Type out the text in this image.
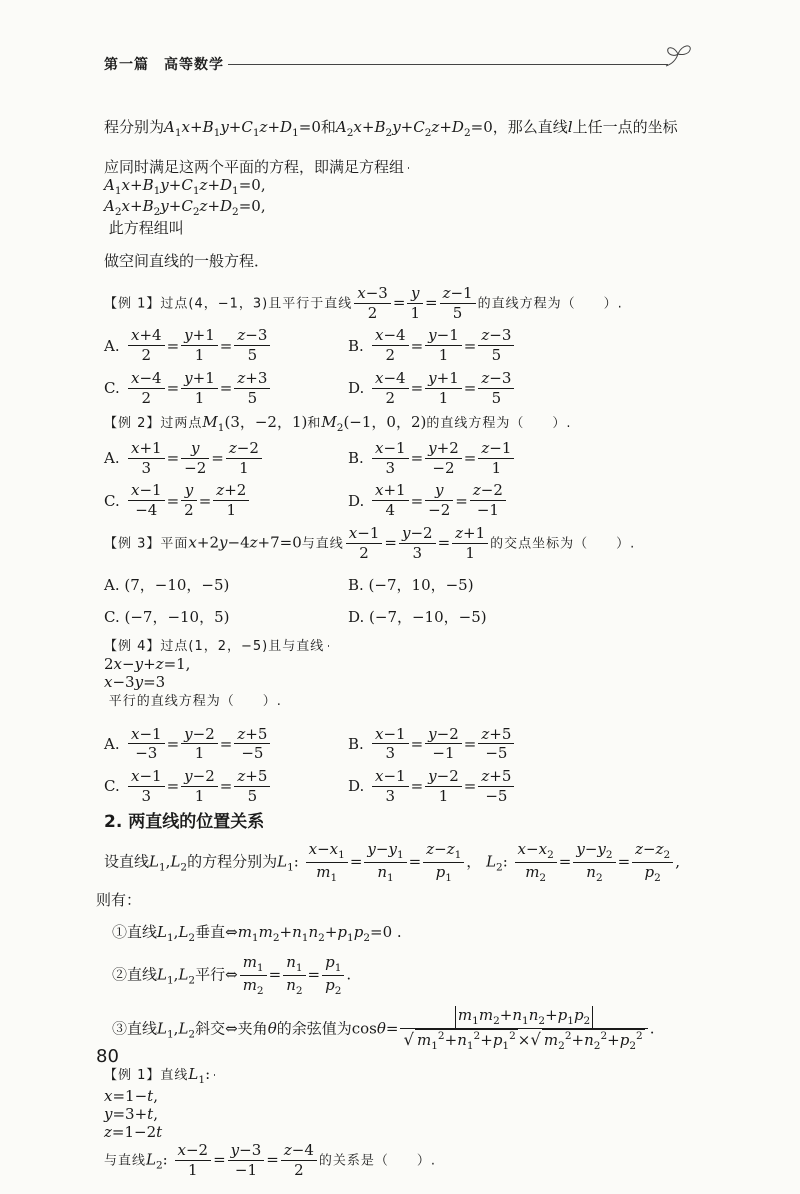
第一篇　高等数学

程分别为$A_1x+B_1y+C_1z+D_1=0$和$A_2x+B_2y+C_2z+D_2=0$，那么直线l上任一点的坐标

应同时满足这两个平面的方程，即满足方程组

$A_1x+B_1y+C_1z+D_1=0$,
$A_2x+B_2y+C_2z+D_2=0$,
此方程组叫

做空间直线的一般方程．

【例 1】过点(4，−1，3)且平行于直线 $\frac{x-3}{2} = \frac{y}{1} = \frac{z-1}{5}$ 的直线方程为（　　）.

A. $\frac{x+4}{2} = \frac{y+1}{1} = \frac{z-3}{5}$	B. $\frac{x-4}{2} = \frac{y-1}{1} = \frac{z-3}{5}$
C. $\frac{x-4}{2} = \frac{y+1}{1} = \frac{z+3}{5}$	D. $\frac{x-4}{2} = \frac{y+1}{1} = \frac{z-3}{5}$

【例 2】过两点$M_1(3$，−2，1)和$M_2(-1$，0，2)的直线方程为（　　）.

A. $\frac{x+1}{3} = \frac{y}{-2} = \frac{z-2}{1}$	B. $\frac{x-1}{3} = \frac{y+2}{-2} = \frac{z-1}{1}$
C. $\frac{x-1}{-4} = \frac{y}{2} = \frac{z+2}{1}$	D. $\frac{x+1}{4} = \frac{y}{-2} = \frac{z-2}{-1}$

【例 3】平面x+2y−4z+7=0与直线 $\frac{x-1}{2} = \frac{y-2}{3} = \frac{z+1}{1}$ 的交点坐标为（　　）.

A. (7，−10，−5)	B. (−7，10，−5)
C. (−7，−10，5)	D. (−7，−10，−5)

【例 4】过点(1，2，−5)且与直线

2x−y+z=1,
x−3y=3
平行的直线方程为（　　）.

A. $\frac{x-1}{-3} = \frac{y-2}{1} = \frac{z+5}{-5}$	B. $\frac{x-1}{3} = \frac{y-2}{-1} = \frac{z+5}{-5}$
C. $\frac{x-1}{3} = \frac{y-2}{1} = \frac{z+5}{5}$	D. $\frac{x-1}{3} = \frac{y-2}{1} = \frac{z+5}{-5}$
2. 两直线的位置关系

设直线$L_1,L_2$的方程分别为$L_1$: $\frac{x-x_1}{m_1} = \frac{y-y_1}{n_1} = \frac{z-z_1}{p_1}$ ， $L_2$: $\frac{x-x_2}{m_2} = \frac{y-y_2}{n_2} = \frac{z-z_2}{p_2}$ ,

则有：

①直线$L_1,L_2$垂直$\Leftrightarrow m_1m_2+n_1n_2+p_1p_2=0$ .

②直线$L_1,L_2$平行⇔ $\frac{m_1}{m_2} = \frac{n_1}{n_2} = \frac{p_1}{p_2}$ .

③直线$L_1,L_2$斜交⇔夹角θ的余弦值为$\cos\theta= \frac{m_1m_2+n_1n_2+p_1p_2}{√ m_1^2+n_1^2+p_1^2 \times√ m_2^2+n_2^2+p_2^2}$ .

【例 1】直线$L_1$:

x=1−t,
y=3+t,
z=1−2t
与直线$L_2$: $\frac{x-2}{1} = \frac{y-3}{-1} = \frac{z-4}{2}$ 的关系是（　　）.

80
